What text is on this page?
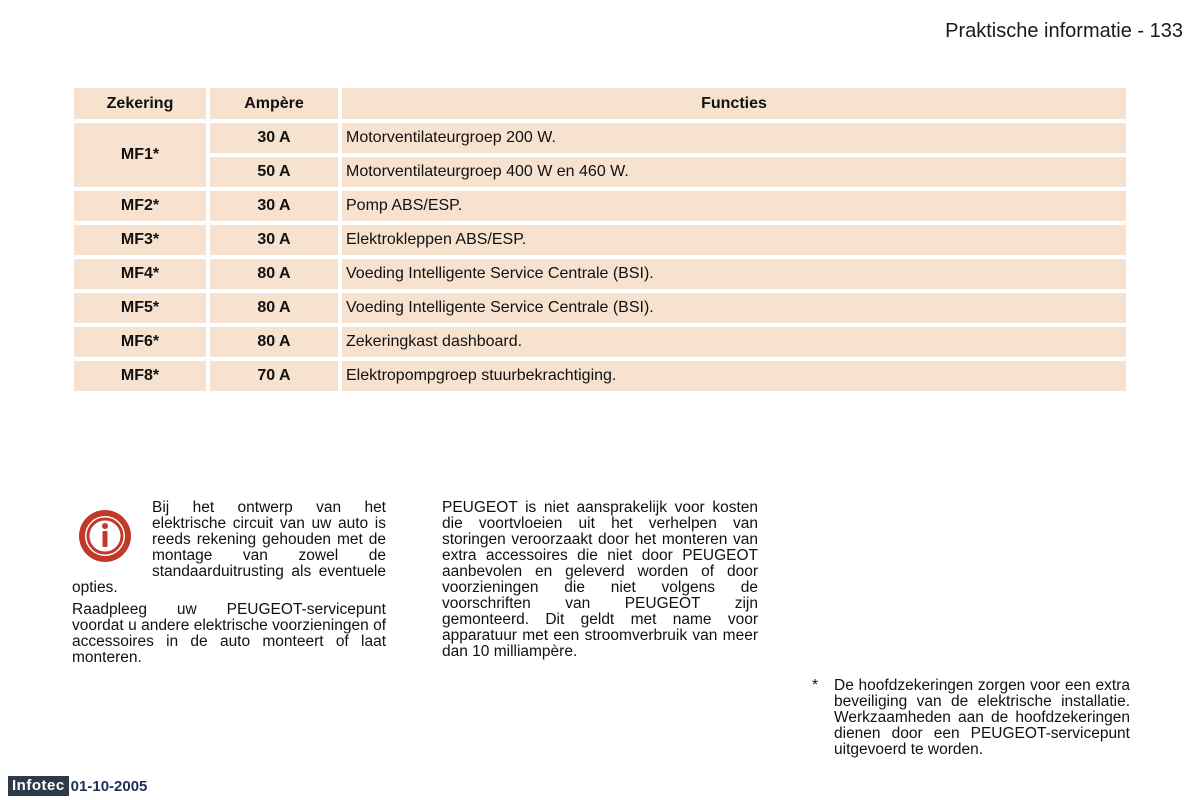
Praktische informatie - 133
Zekering	Ampère	Functies
MF1*	30 A	Motorventilateurgroep 200 W.
	50 A	Motorventilateurgroep 400 W en 460 W.
MF2*	30 A	Pomp ABS/ESP.
MF3*	30 A	Elektrokleppen ABS/ESP.
MF4*	80 A	Voeding Intelligente Service Centrale (BSI).
MF5*	80 A	Voeding Intelligente Service Centrale (BSI).
MF6*	80 A	Zekeringkast dashboard.
MF8*	70 A	Elektropompgroep stuurbekrachtiging.

Bij het ontwerp van het elektrische circuit van uw auto is reeds rekening gehouden met de montage van zowel de standaarduitrusting als eventuele opties.

Raadpleeg uw PEUGEOT-servicepunt voordat u andere elektrische voorzieningen of accessoires in de auto monteert of laat monteren.

PEUGEOT is niet aansprakelijk voor kosten die voortvloeien uit het verhelpen van storingen veroorzaakt door het monteren van extra accessoires die niet door PEUGEOT aanbevolen en geleverd worden of door voorzieningen die niet volgens de voorschriften van PEUGEOT zijn gemonteerd. Dit geldt met name voor apparatuur met een stroomverbruik van meer dan 10 milliampère.

*	De hoofdzekeringen zorgen voor een extra beveiliging van de elektrische installatie. Werkzaamheden aan de hoofdzekeringen dienen door een PEUGEOT-servicepunt uitgevoerd te worden.
Infotec 01-10-2005
